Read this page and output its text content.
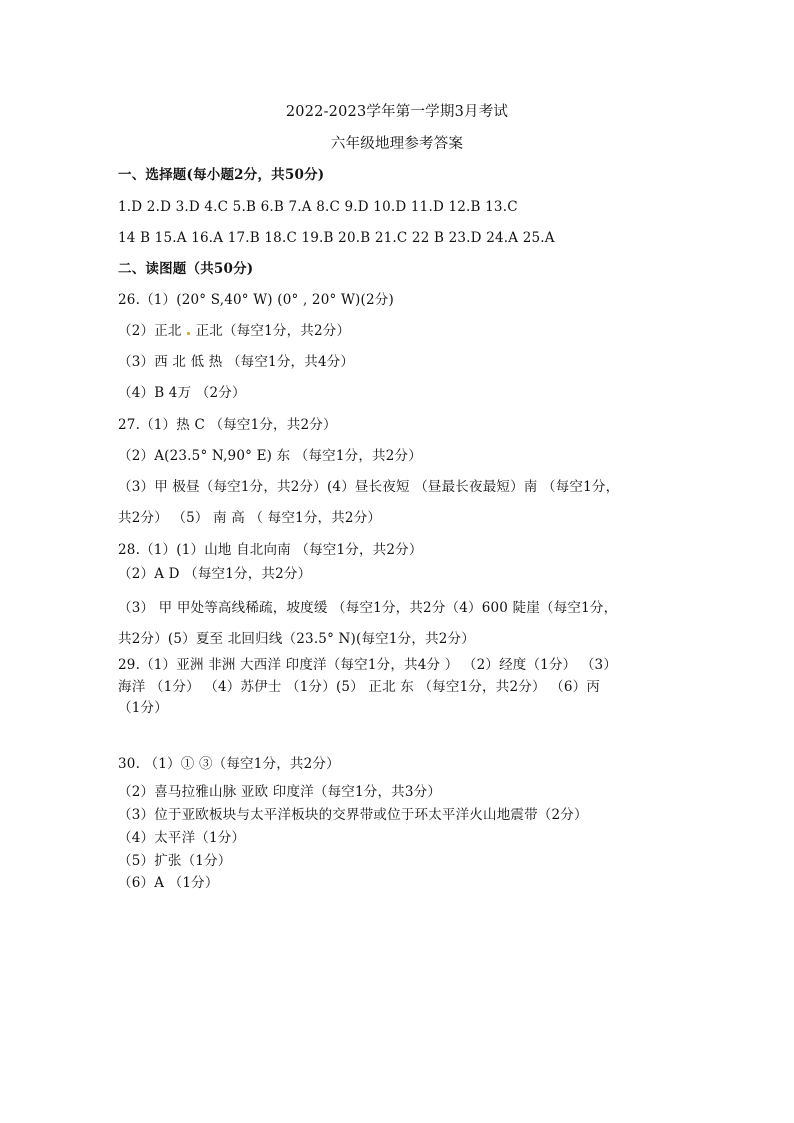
2022-2023学年第一学期3月考试
六年级地理参考答案
一、选择题(每小题2分，共50分)
1.D 2.D 3.D 4.C 5.B 6.B 7.A 8.C 9.D 10.D 11.D 12.B 13.C
14 B 15.A 16.A 17.B 18.C 19.B 20.B 21.C 22 B 23.D 24.A 25.A
二、读图题（共50分)
26.（1）(20° S,40° W) (0° , 20° W)(2分)
（2）正北 正北（每空1分，共2分）
（3）西 北 低 热 （每空1分，共4分）
（4）B 4万 （2分）
27.（1）热 C （每空1分，共2分）
（2）A(23.5° N,90° E) 东 （每空1分，共2分）
（3）甲 极昼（每空1分，共2分）(4）昼长夜短 （昼最长夜最短）南 （每空1分，
共2分） （5） 南 高 （ 每空1分，共2分）
28.（1）(1）山地 自北向南 （每空1分，共2分）
（2）A D （每空1分，共2分）
（3） 甲 甲处等高线稀疏，坡度缓 （每空1分，共2分（4）600 陡崖（每空1分，
共2分）(5）夏至 北回归线（23.5° N)(每空1分，共2分）
29.（1）亚洲 非洲 大西洋 印度洋（每空1分，共4分 ） （2）经度（1分） （3）
海洋 （1分） （4）苏伊士 （1分）(5） 正北 东 （每空1分，共2分） （6）丙
（1分）
30. （1）① ③（每空1分，共2分）
（2）喜马拉雅山脉 亚欧 印度洋（每空1分，共3分）
（3）位于亚欧板块与太平洋板块的交界带或位于环太平洋火山地震带（2分）
（4）太平洋（1分）
（5）扩张（1分）
（6）A （1分）
